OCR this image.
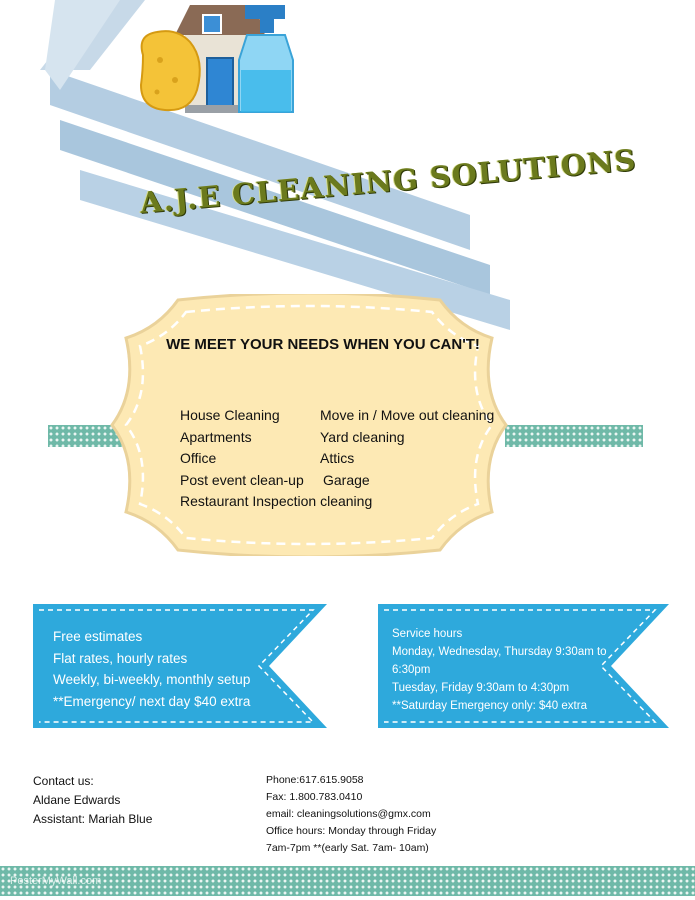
A.J.E CLEANING SOLUTIONS
WE MEET YOUR NEEDS WHEN YOU CAN'T!
House Cleaning
Apartments
Office
Post event clean-up
Restaurant Inspection cleaning
Move in / Move out cleaning
Yard cleaning
Attics
Garage
Free estimates
Flat rates, hourly rates
Weekly, bi-weekly, monthly setup
**Emergency/ next day $40 extra
Service hours
Monday, Wednesday, Thursday 9:30am to
6:30pm
Tuesday, Friday 9:30am to 4:30pm
**Saturday Emergency only: $40 extra
Contact us:
Aldane Edwards
Assistant: Mariah Blue
Phone:617.615.9058
Fax: 1.800.783.0410
email: cleaningsolutions@gmx.com
Office hours: Monday through Friday
7am-7pm **(early Sat. 7am- 10am)
PosterMyWall.com
